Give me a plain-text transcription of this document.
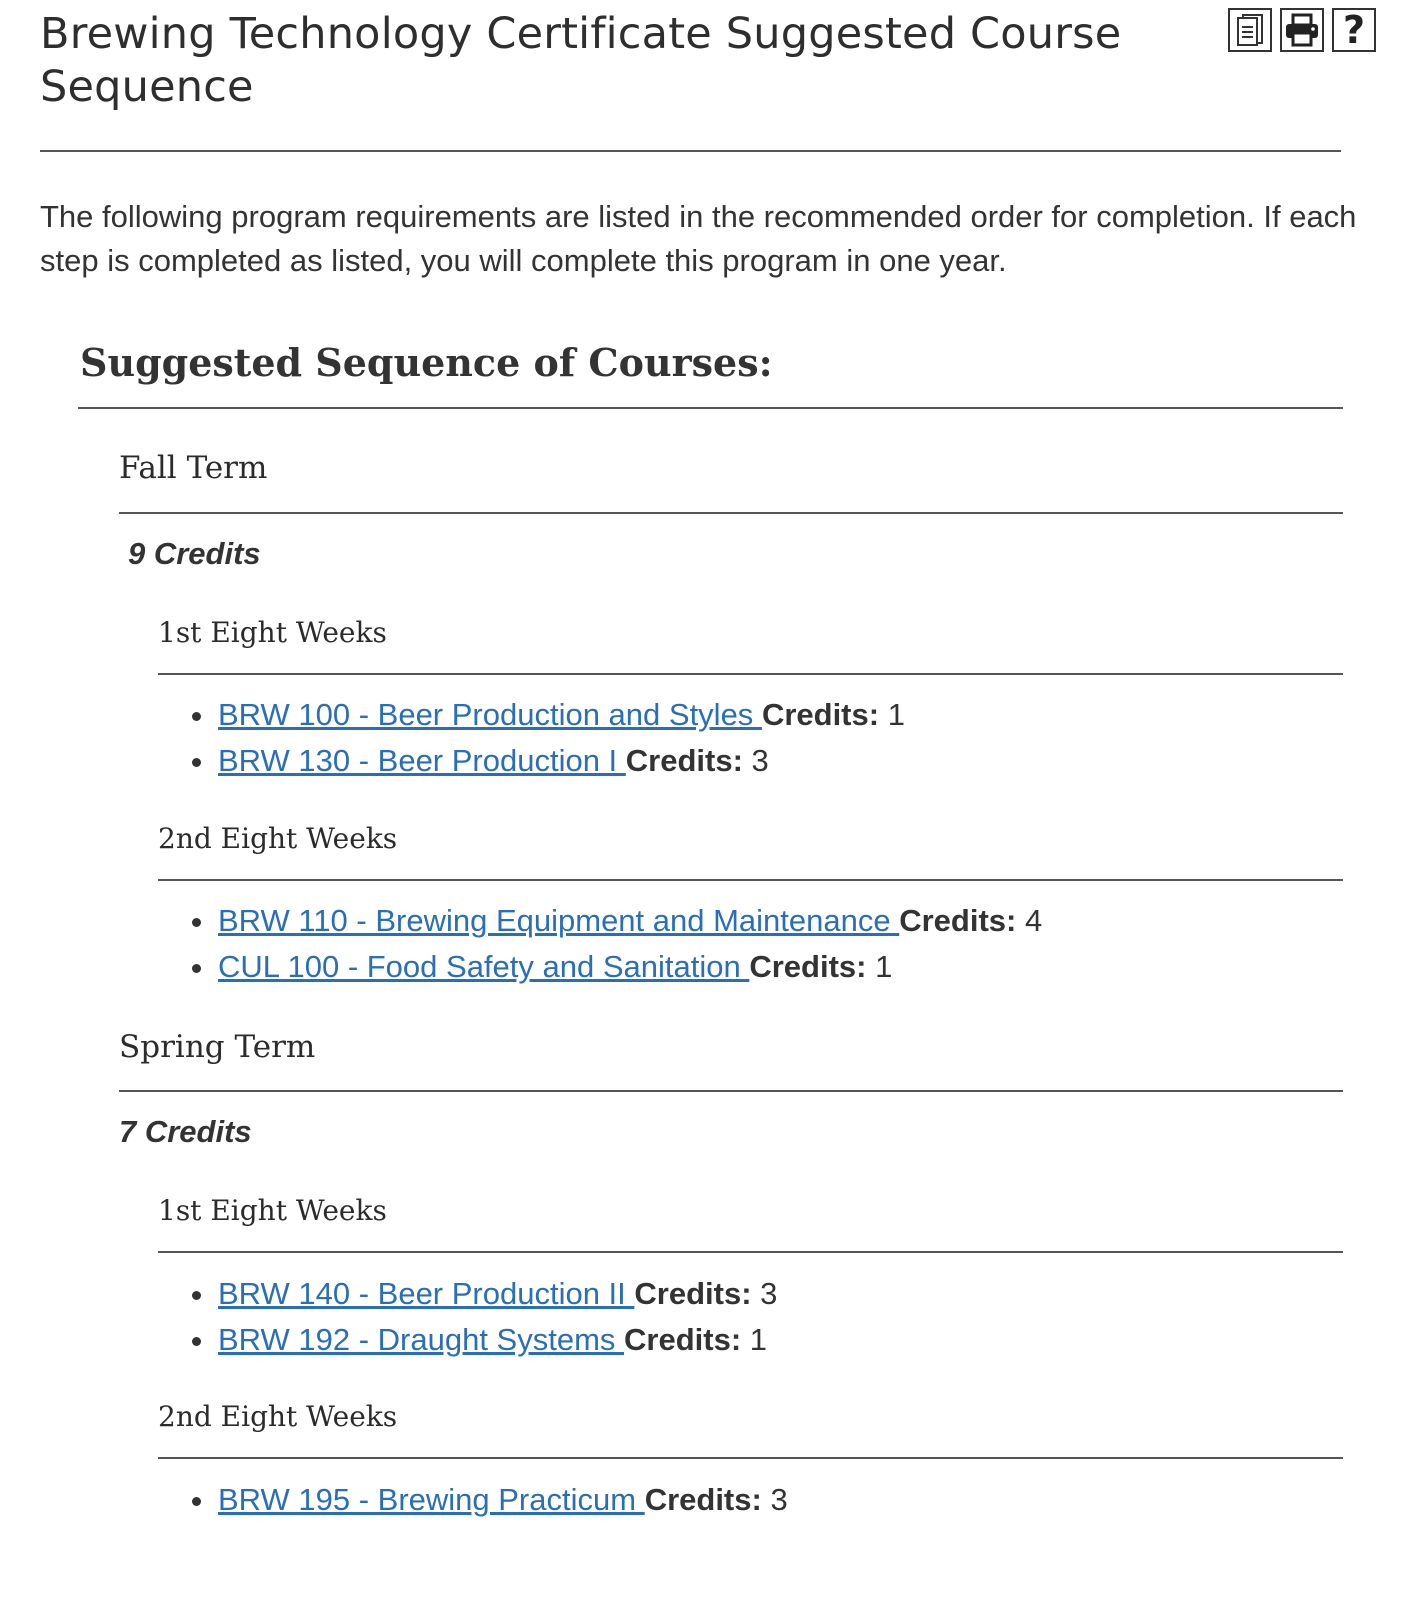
Brewing Technology Certificate Suggested Course Sequence
?

The following program requirements are listed in the recommended order for completion. If each step is completed as listed, you will complete this program in one year.

Suggested Sequence of Courses:
Fall Term
9 Credits
1st Eight Weeks
BRW 100 - Beer Production and Styles Credits: 1
BRW 130 - Beer Production I Credits: 3
2nd Eight Weeks
BRW 110 - Brewing Equipment and Maintenance Credits: 4
CUL 100 - Food Safety and Sanitation Credits: 1
Spring Term
7 Credits
1st Eight Weeks
BRW 140 - Beer Production II Credits: 3
BRW 192 - Draught Systems Credits: 1
2nd Eight Weeks
BRW 195 - Brewing Practicum Credits: 3
